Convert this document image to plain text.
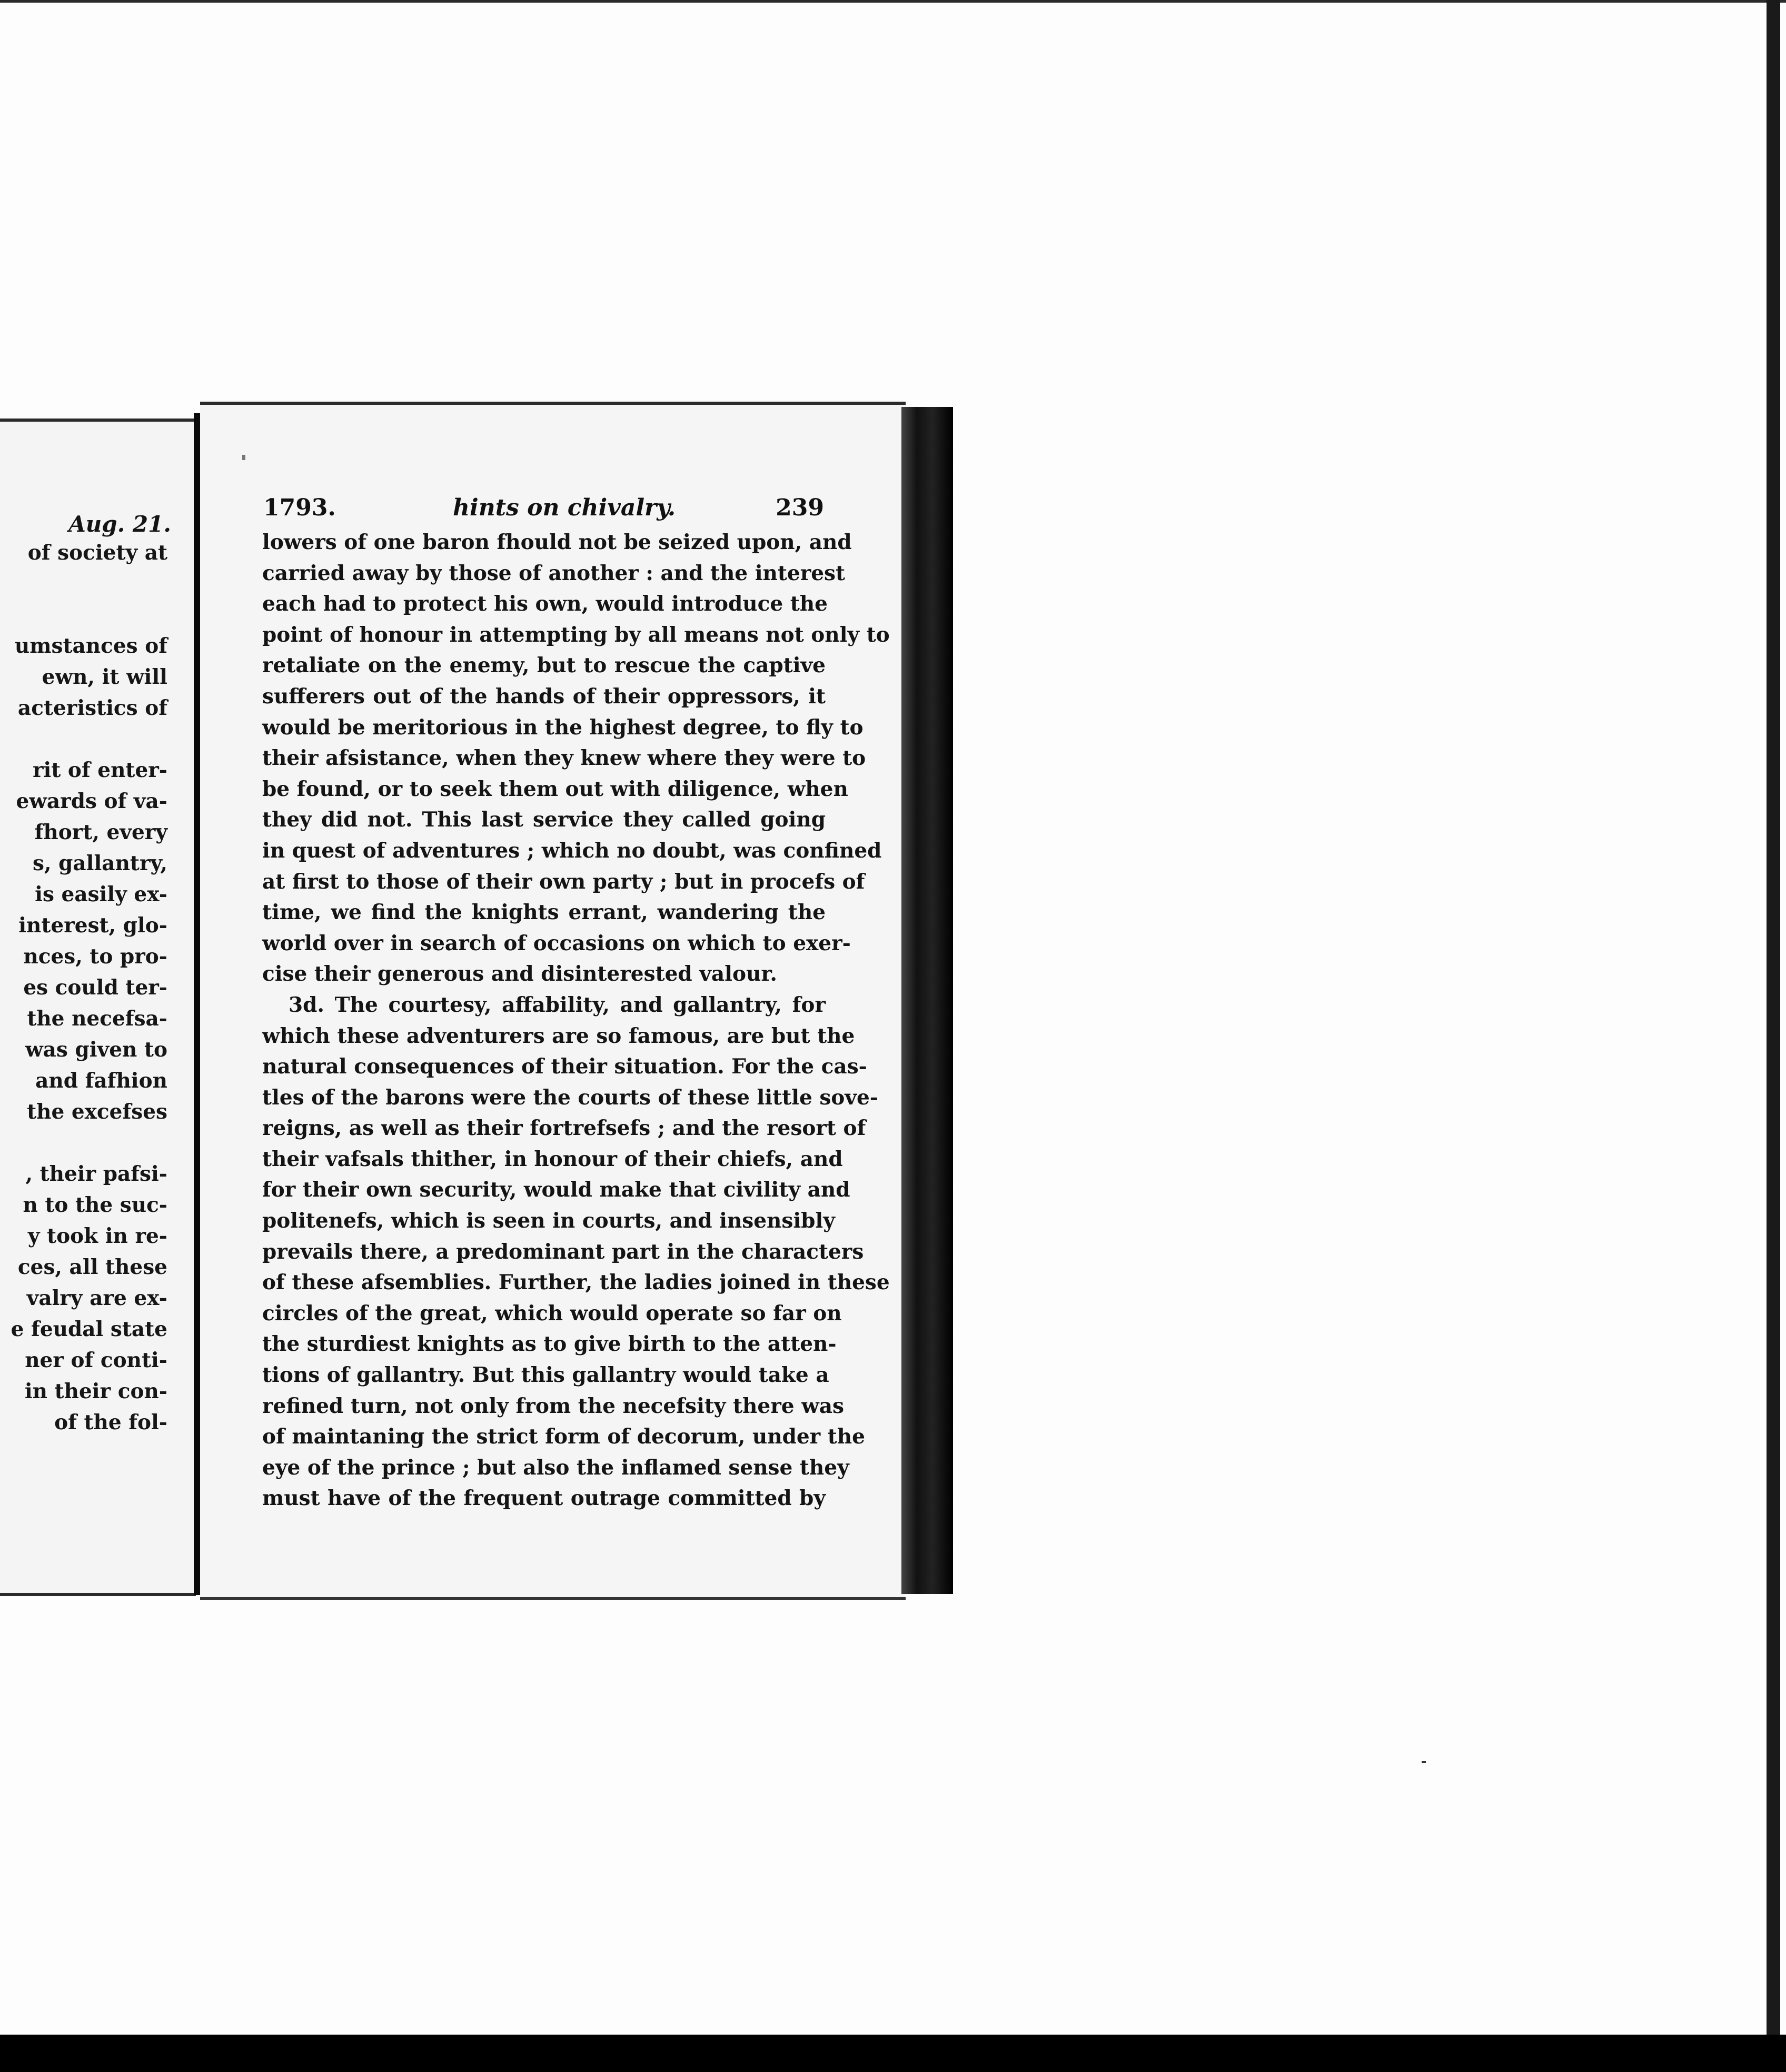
Aug. 21.
of society at
umstances of
ewn, it will
acteristics of
rit of enter-
ewards of va-
fhort, every
s, gallantry,
is easily ex-
interest, glo-
nces, to pro-
es could ter-
the necefsa-
was given to
and fafhion
the excefses
, their pafsi-
n to the suc-
y took in re-
ces, all these
valry are ex-
e feudal state
ner of conti-
in their con-
of the fol-
1793.	hints on chivalry.	239
lowers of one baron fhould not be seized upon, and
carried away by those of another : and the interest
each had to protect his own, would introduce the
point of honour in attempting by all means not only to
retaliate on the enemy, but to rescue the captive
sufferers out of the hands of their oppressors, it
would be meritorious in the highest degree, to fly to
their afsistance, when they knew where they were to
be found, or to seek them out with diligence, when
they did not. This last service they called going
in quest of adventures ; which no doubt, was confined
at first to those of their own party ; but in procefs of
time, we find the knights errant, wandering the
world over in search of occasions on which to exer-
cise their generous and disinterested valour.
3d. The courtesy, affability, and gallantry, for
which these adventurers are so famous, are but the
natural consequences of their situation. For the cas-
tles of the barons were the courts of these little sove-
reigns, as well as their fortrefsefs ; and the resort of
their vafsals thither, in honour of their chiefs, and
for their own security, would make that civility and
politenefs, which is seen in courts, and insensibly
prevails there, a predominant part in the characters
of these afsemblies. Further, the ladies joined in these
circles of the great, which would operate so far on
the sturdiest knights as to give birth to the atten-
tions of gallantry. But this gallantry would take a
refined turn, not only from the necefsity there was
of maintaning the strict form of decorum, under the
eye of the prince ; but also the inflamed sense they
must have of the frequent outrage committed by
